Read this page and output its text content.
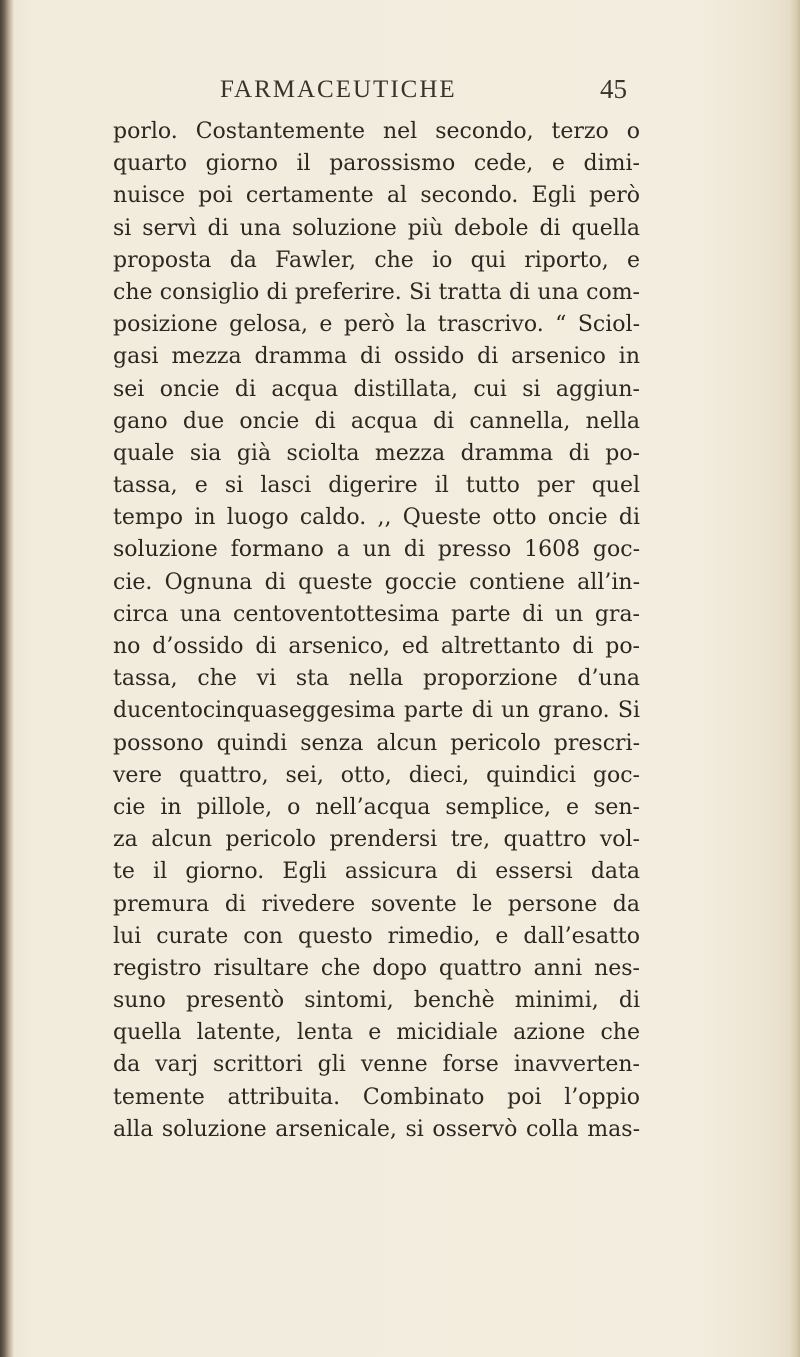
FARMACEUTICHE	45
porlo. Costantemente nel secondo, terzo o
quarto giorno il parossismo cede, e dimi-
nuisce poi certamente al secondo. Egli però
si servì di una soluzione più debole di quella
proposta da Fawler, che io qui riporto, e
che consiglio di preferire. Si tratta di una com-
posizione gelosa, e però la trascrivo. “ Sciol-
gasi mezza dramma di ossido di arsenico in
sei oncie di acqua distillata, cui si aggiun-
gano due oncie di acqua di cannella, nella
quale sia già sciolta mezza dramma di po-
tassa, e si lasci digerire il tutto per quel
tempo in luogo caldo. ,, Queste otto oncie di
soluzione formano a un di presso 1608 goc-
cie. Ognuna di queste goccie contiene all’in-
circa una centoventottesima parte di un gra-
no d’ossido di arsenico, ed altrettanto di po-
tassa, che vi sta nella proporzione d’una
ducentocinquaseggesima parte di un grano. Si
possono quindi senza alcun pericolo prescri-
vere quattro, sei, otto, dieci, quindici goc-
cie in pillole, o nell’acqua semplice, e sen-
za alcun pericolo prendersi tre, quattro vol-
te il giorno. Egli assicura di essersi data
premura di rivedere sovente le persone da
lui curate con questo rimedio, e dall’esatto
registro risultare che dopo quattro anni nes-
suno presentò sintomi, benchè minimi, di
quella latente, lenta e micidiale azione che
da varj scrittori gli venne forse inavverten-
temente attribuita. Combinato poi l’oppio
alla soluzione arsenicale, si osservò colla mas-
